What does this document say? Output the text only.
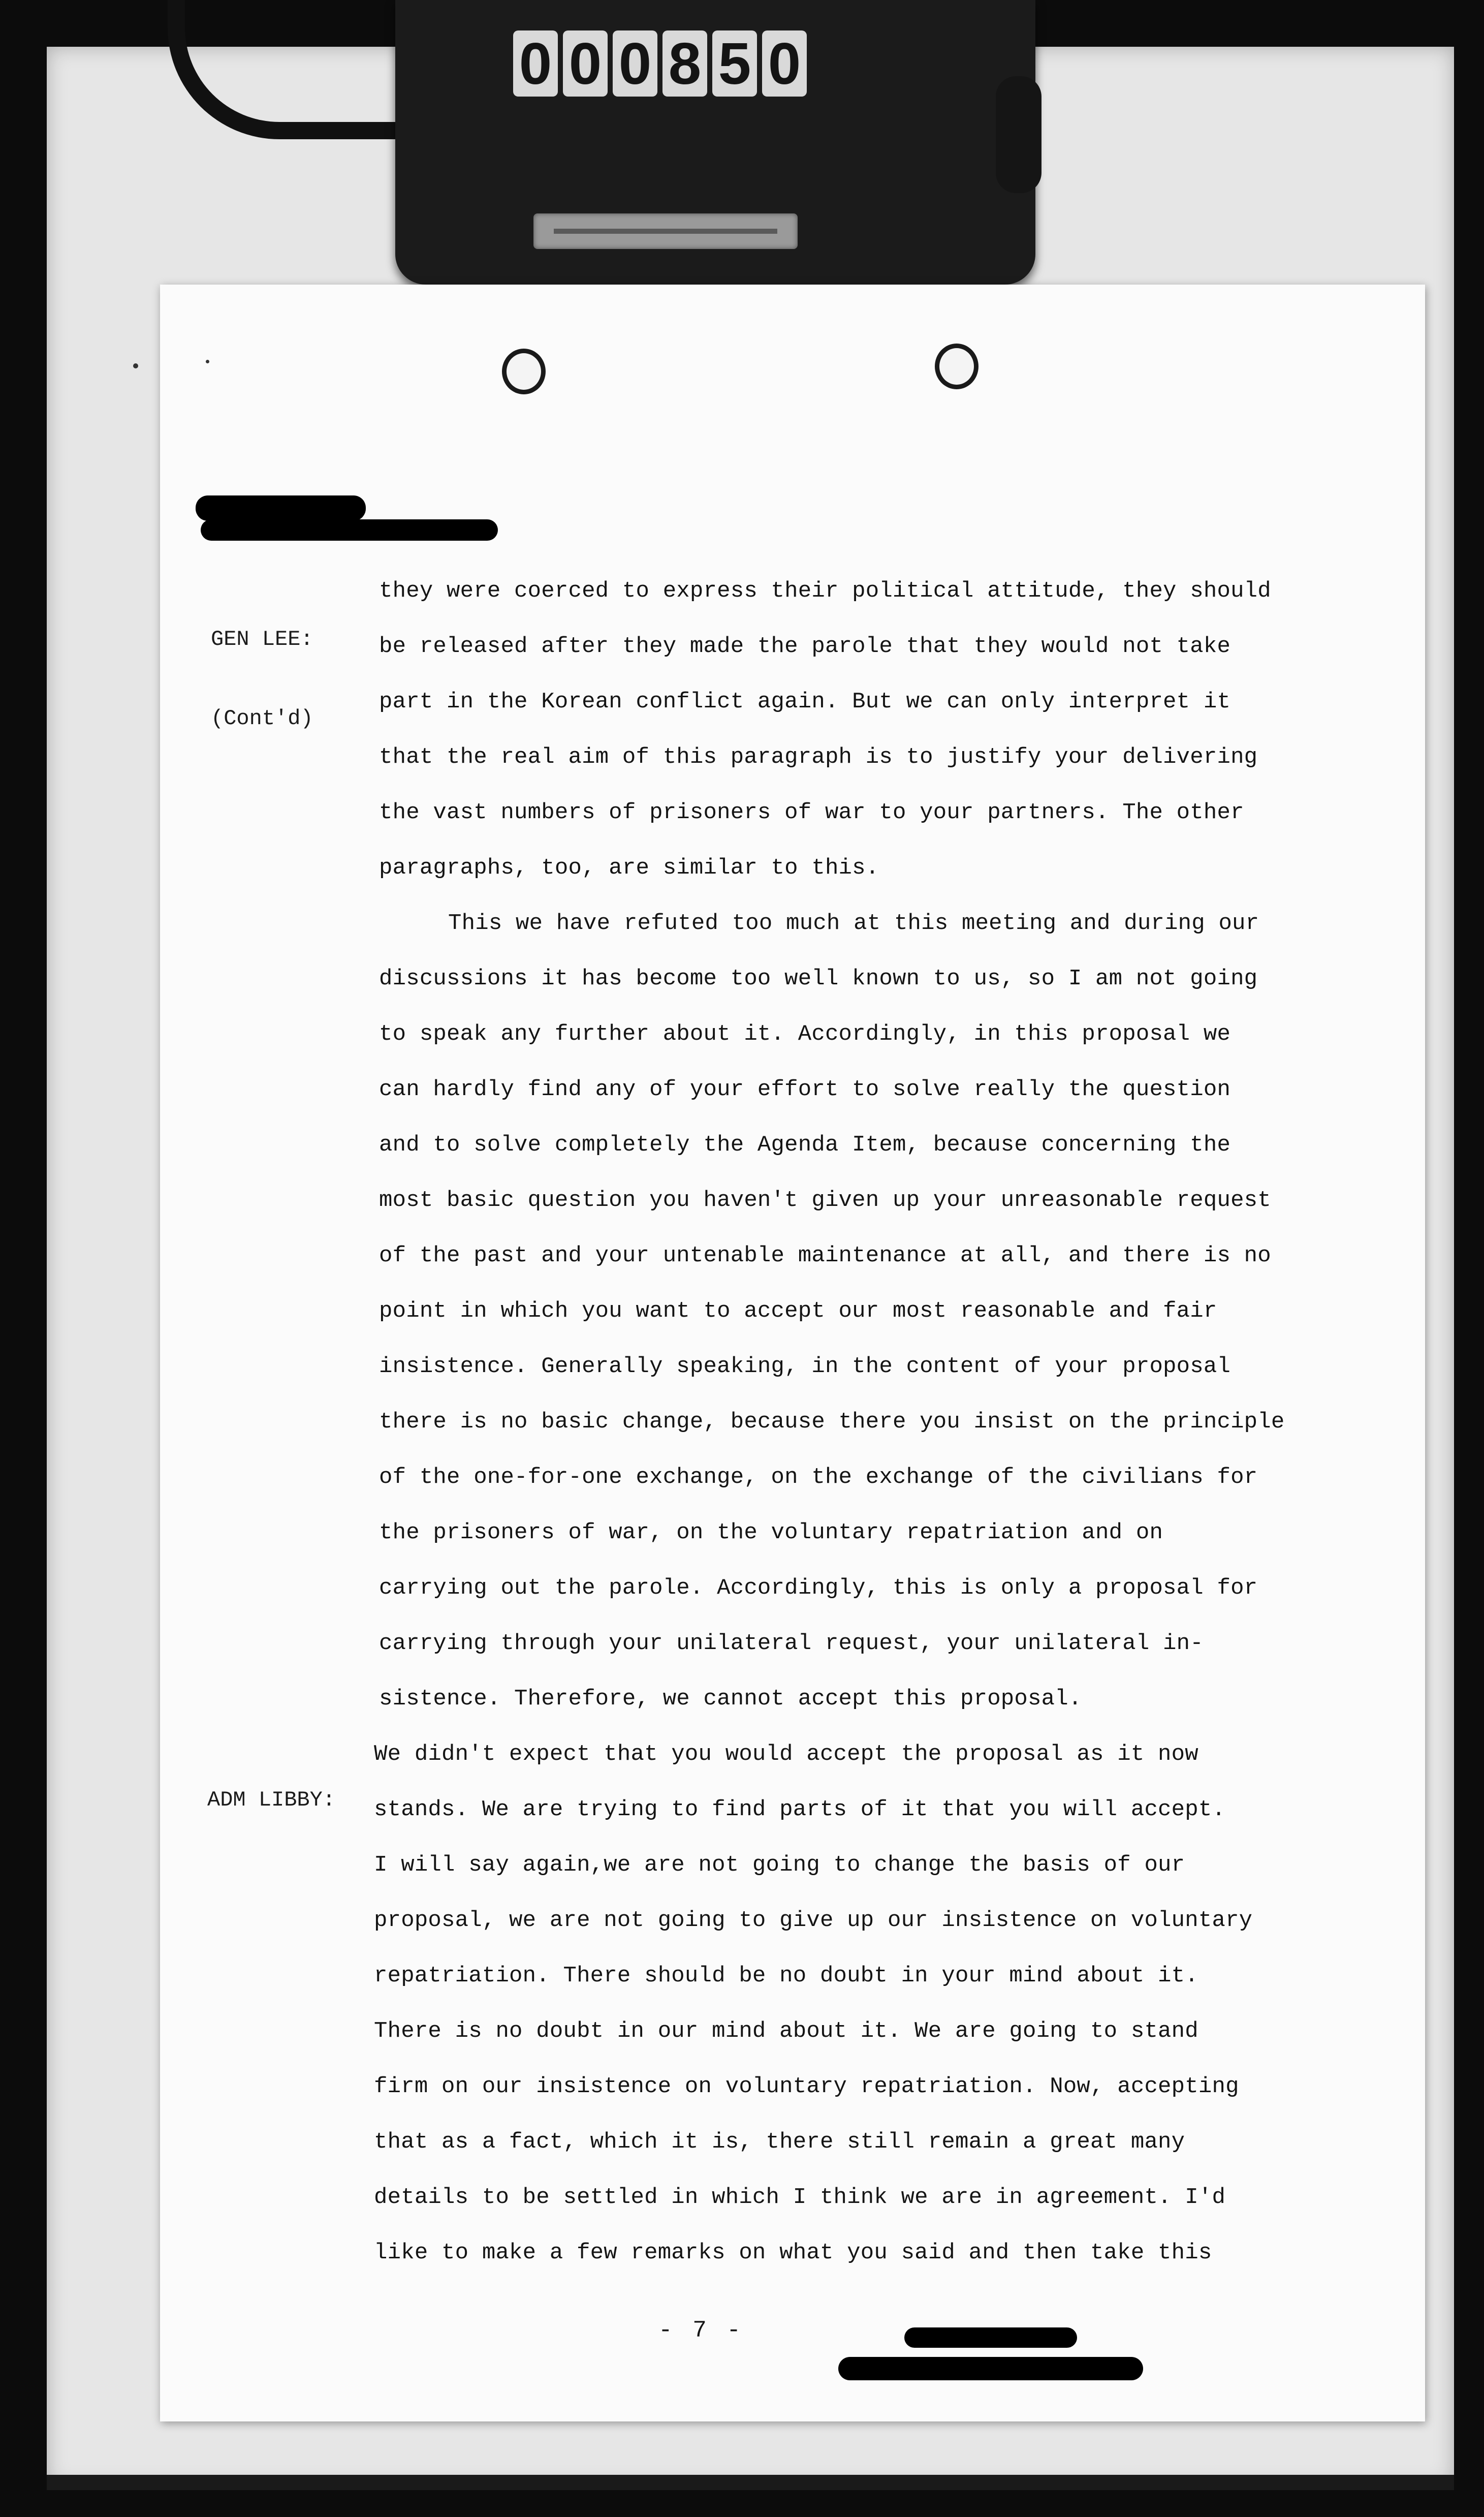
0 0 0 8 5 0

GEN LEE:

(Cont'd)

ADM LIBBY:

they were coerced to express their political attitude, they should
be released after they made the parole that they would not take
part in the Korean conflict again. But we can only interpret it
that the real aim of this paragraph is to justify your delivering
the vast numbers of prisoners of war to your partners. The other
paragraphs, too, are similar to this.
This we have refuted too much at this meeting and during our
discussions it has become too well known to us, so I am not going
to speak any further about it. Accordingly, in this proposal we
can hardly find any of your effort to solve really the question
and to solve completely the Agenda Item, because concerning the
most basic question you haven't given up your unreasonable request
of the past and your untenable maintenance at all, and there is no
point in which you want to accept our most reasonable and fair
insistence. Generally speaking, in the content of your proposal
there is no basic change, because there you insist on the principle
of the one-for-one exchange, on the exchange of the civilians for
the prisoners of war, on the voluntary repatriation and on
carrying out the parole. Accordingly, this is only a proposal for
carrying through your unilateral request, your unilateral in-
sistence. Therefore, we cannot accept this proposal.
We didn't expect that you would accept the proposal as it now
stands. We are trying to find parts of it that you will accept.
I will say again,we are not going to change the basis of our
proposal, we are not going to give up our insistence on voluntary
repatriation. There should be no doubt in your mind about it.
There is no doubt in our mind about it. We are going to stand
firm on our insistence on voluntary repatriation. Now, accepting
that as a fact, which it is, there still remain a great many
details to be settled in which I think we are in agreement. I'd
like to make a few remarks on what you said and then take this
- 7 -
